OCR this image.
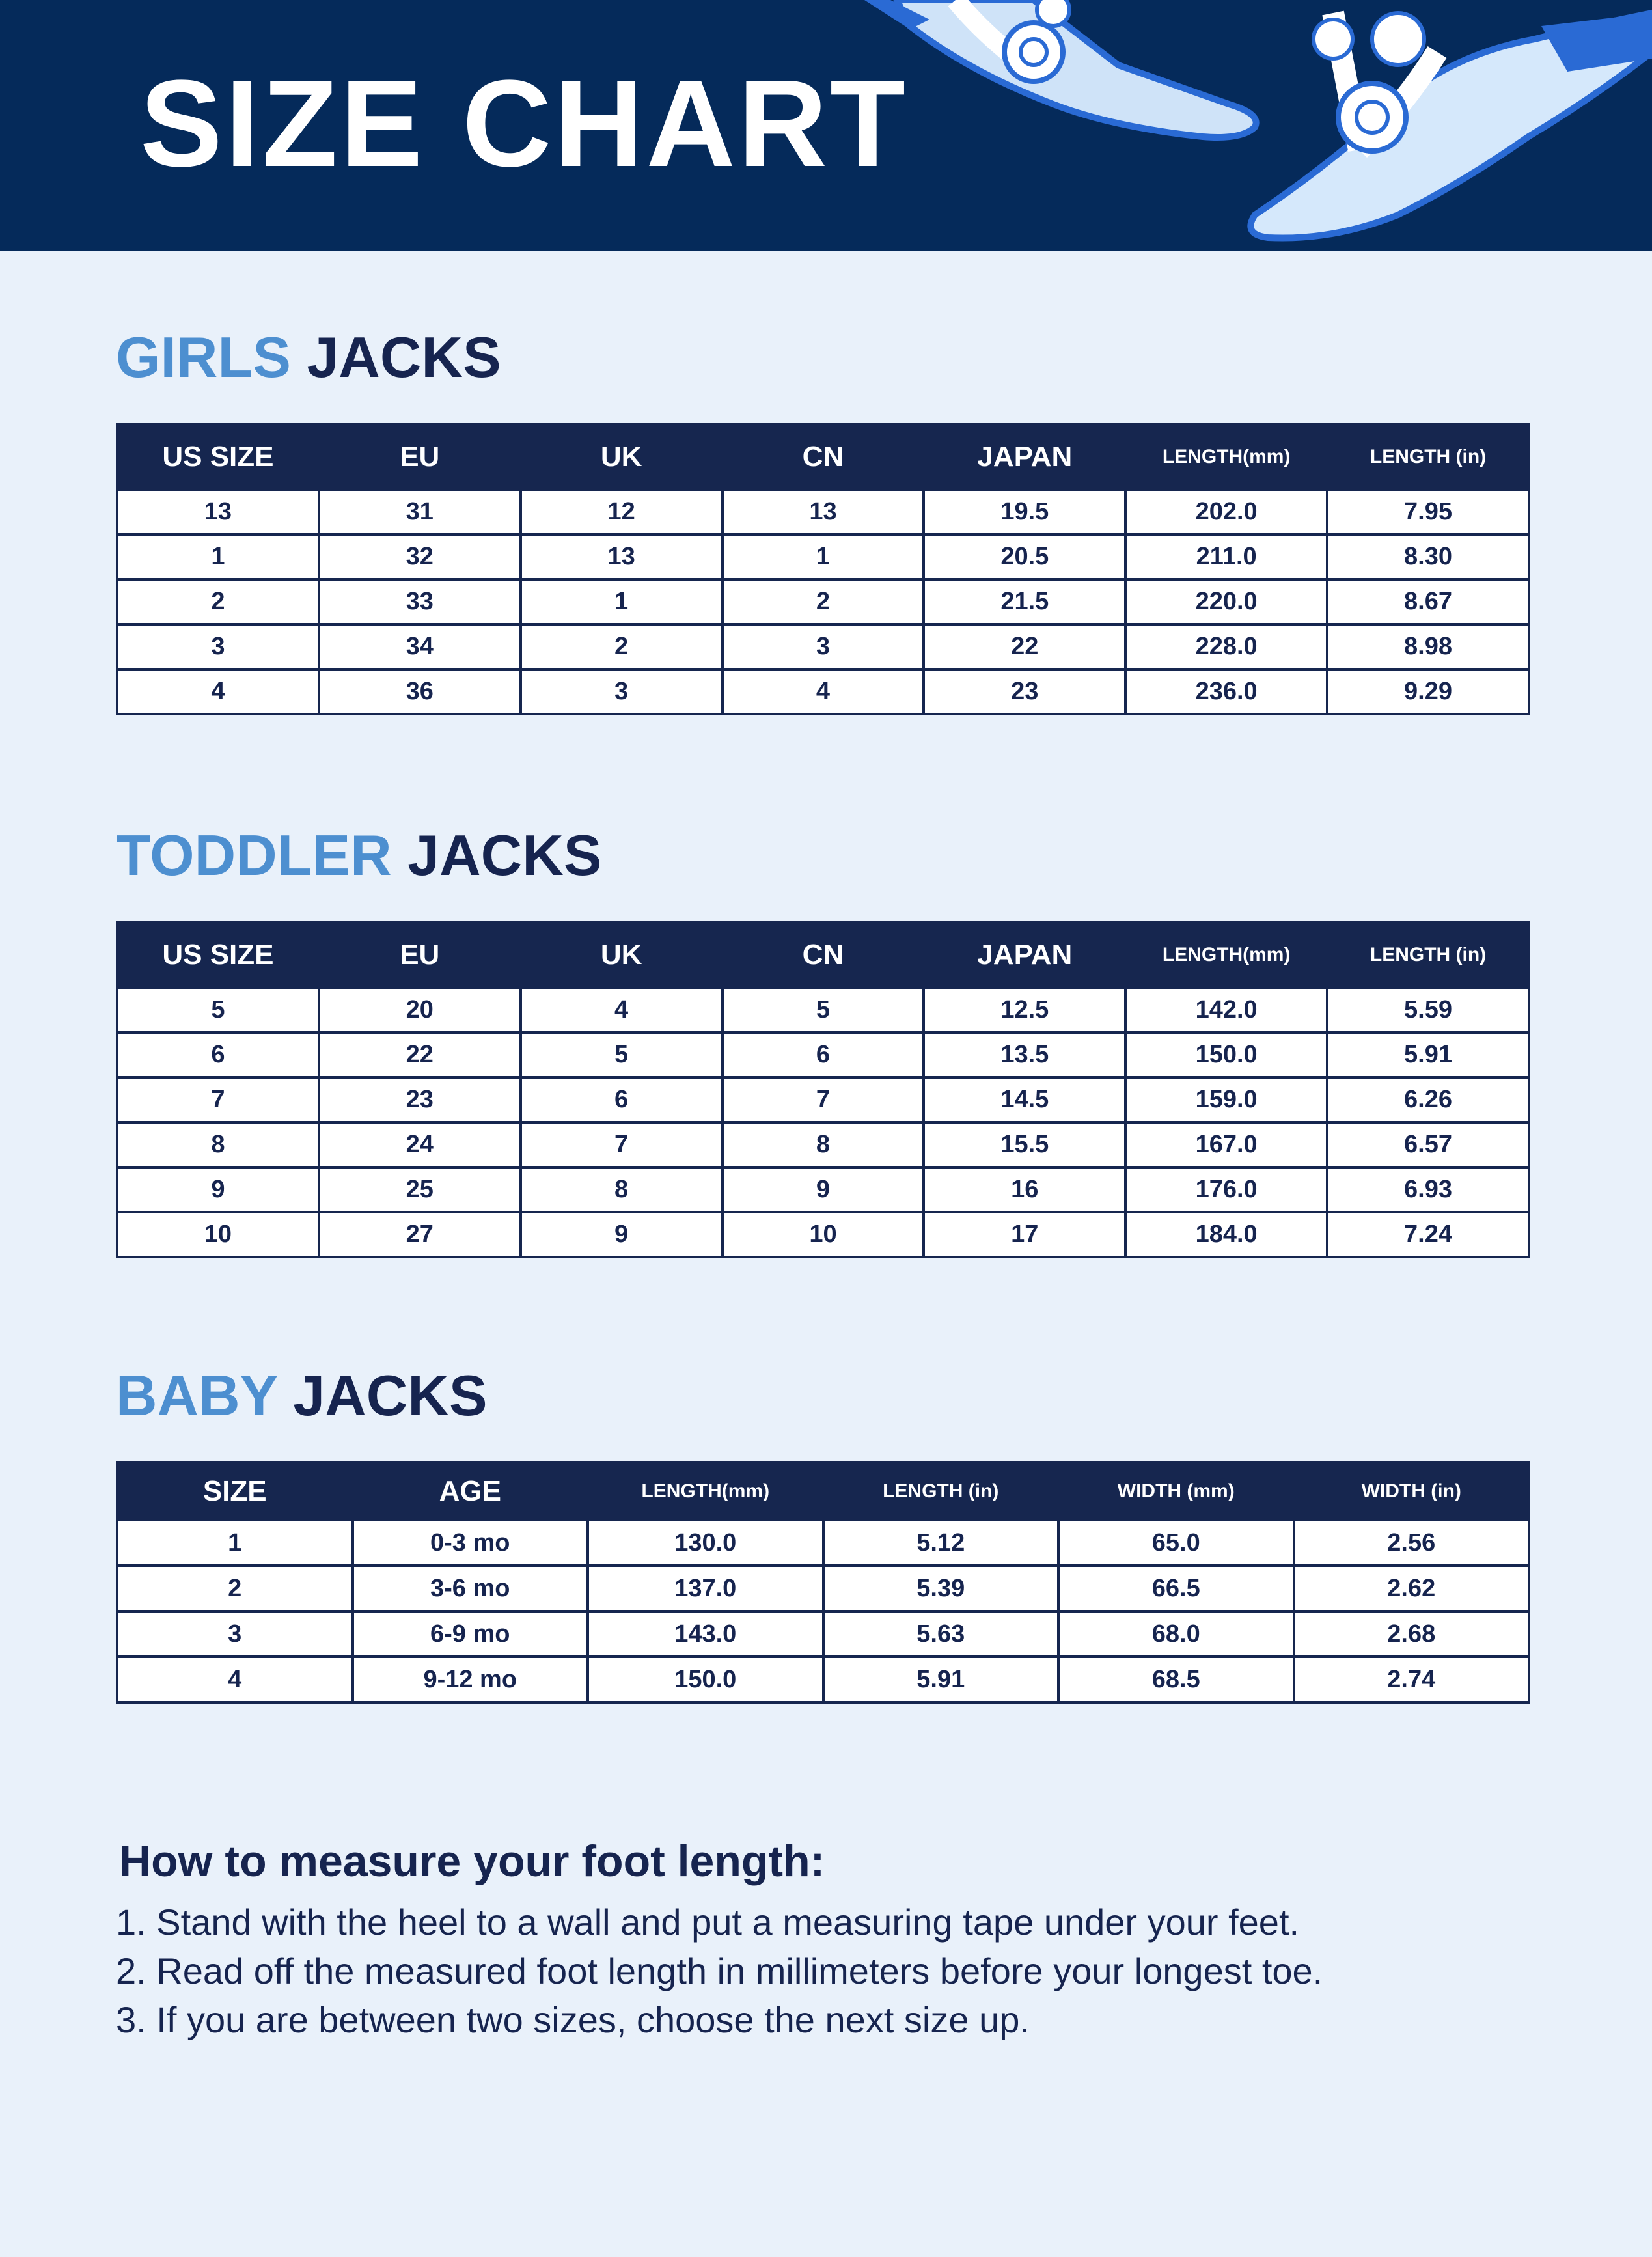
SIZE CHART
GIRLS JACKS
US SIZE	EU	UK	CN	JAPAN	LENGTH(mm)	LENGTH (in)
13	31	12	13	19.5	202.0	7.95
1	32	13	1	20.5	211.0	8.30
2	33	1	2	21.5	220.0	8.67
3	34	2	3	22	228.0	8.98
4	36	3	4	23	236.0	9.29
TODDLER JACKS
US SIZE	EU	UK	CN	JAPAN	LENGTH(mm)	LENGTH (in)
5	20	4	5	12.5	142.0	5.59
6	22	5	6	13.5	150.0	5.91
7	23	6	7	14.5	159.0	6.26
8	24	7	8	15.5	167.0	6.57
9	25	8	9	16	176.0	6.93
10	27	9	10	17	184.0	7.24
BABY JACKS
SIZE	AGE	LENGTH(mm)	LENGTH (in)	WIDTH (mm)	WIDTH (in)
1	0-3 mo	130.0	5.12	65.0	2.56
2	3-6 mo	137.0	5.39	66.5	2.62
3	6-9 mo	143.0	5.63	68.0	2.68
4	9-12 mo	150.0	5.91	68.5	2.74
How to measure your foot length:
1. Stand with the heel to a wall and put a measuring tape under your feet.
2. Read off the measured foot length in millimeters before your longest toe.
3. If you are between two sizes, choose the next size up.
